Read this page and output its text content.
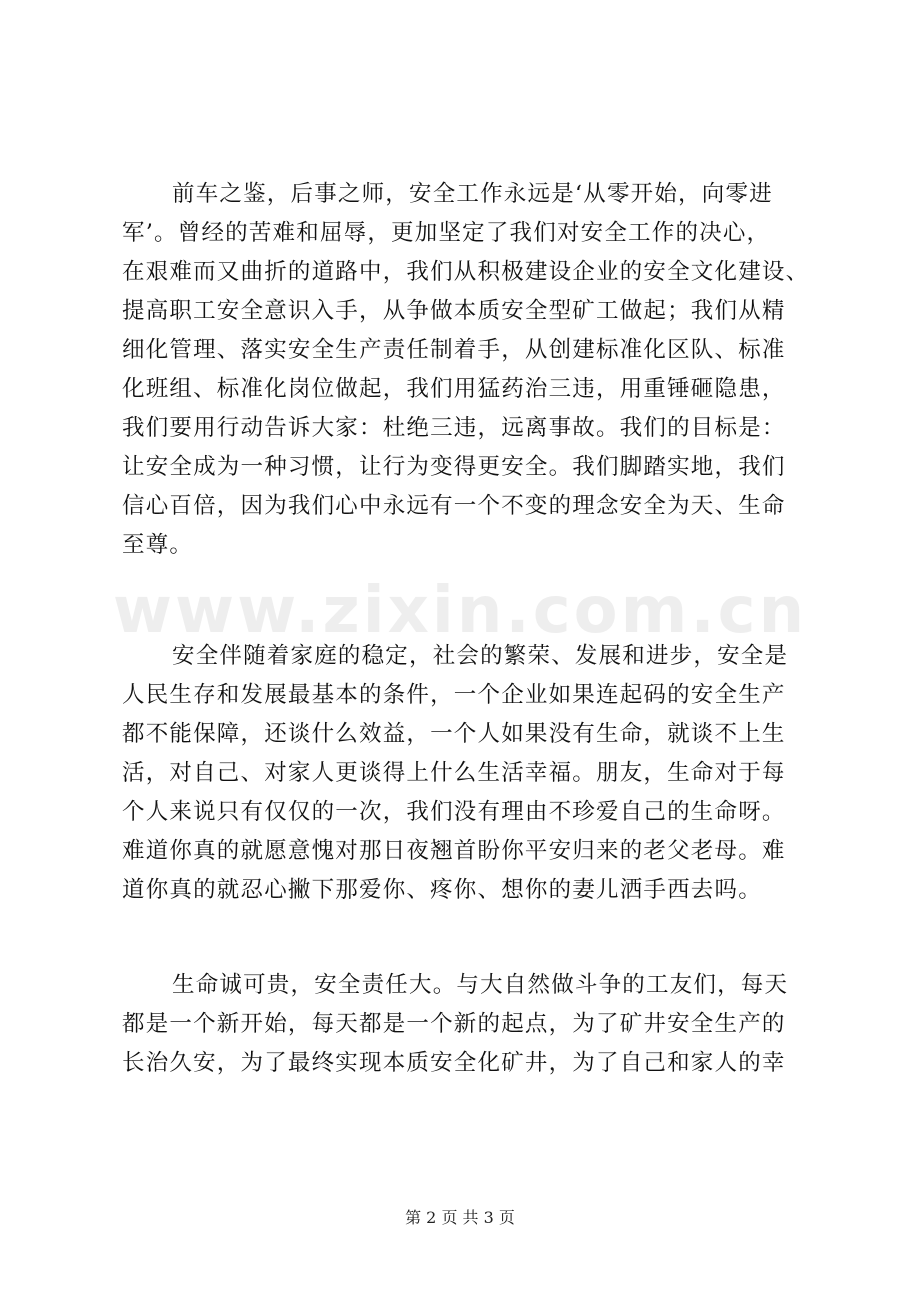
www.zixin.com.cn
前车之鉴，后事之师，安全工作永远是‘从零开始，向零进
军’。曾经的苦难和屈辱，更加坚定了我们对安全工作的决心，
在艰难而又曲折的道路中，我们从积极建设企业的安全文化建设、
提高职工安全意识入手，从争做本质安全型矿工做起；我们从精
细化管理、落实安全生产责任制着手，从创建标准化区队、标准
化班组、标准化岗位做起，我们用猛药治三违，用重锤砸隐患，
我们要用行动告诉大家：杜绝三违，远离事故。我们的目标是：
让安全成为一种习惯，让行为变得更安全。我们脚踏实地，我们
信心百倍，因为我们心中永远有一个不变的理念安全为天、生命
至尊。
安全伴随着家庭的稳定，社会的繁荣、发展和进步，安全是
人民生存和发展最基本的条件，一个企业如果连起码的安全生产
都不能保障，还谈什么效益，一个人如果没有生命，就谈不上生
活，对自己、对家人更谈得上什么生活幸福。朋友，生命对于每
个人来说只有仅仅的一次，我们没有理由不珍爱自己的生命呀。
难道你真的就愿意愧对那日夜翘首盼你平安归来的老父老母。难
道你真的就忍心撇下那爱你、疼你、想你的妻儿洒手西去吗。
生命诚可贵，安全责任大。与大自然做斗争的工友们，每天
都是一个新开始，每天都是一个新的起点，为了矿井安全生产的
长治久安，为了最终实现本质安全化矿井，为了自己和家人的幸
第 2 页 共 3 页
